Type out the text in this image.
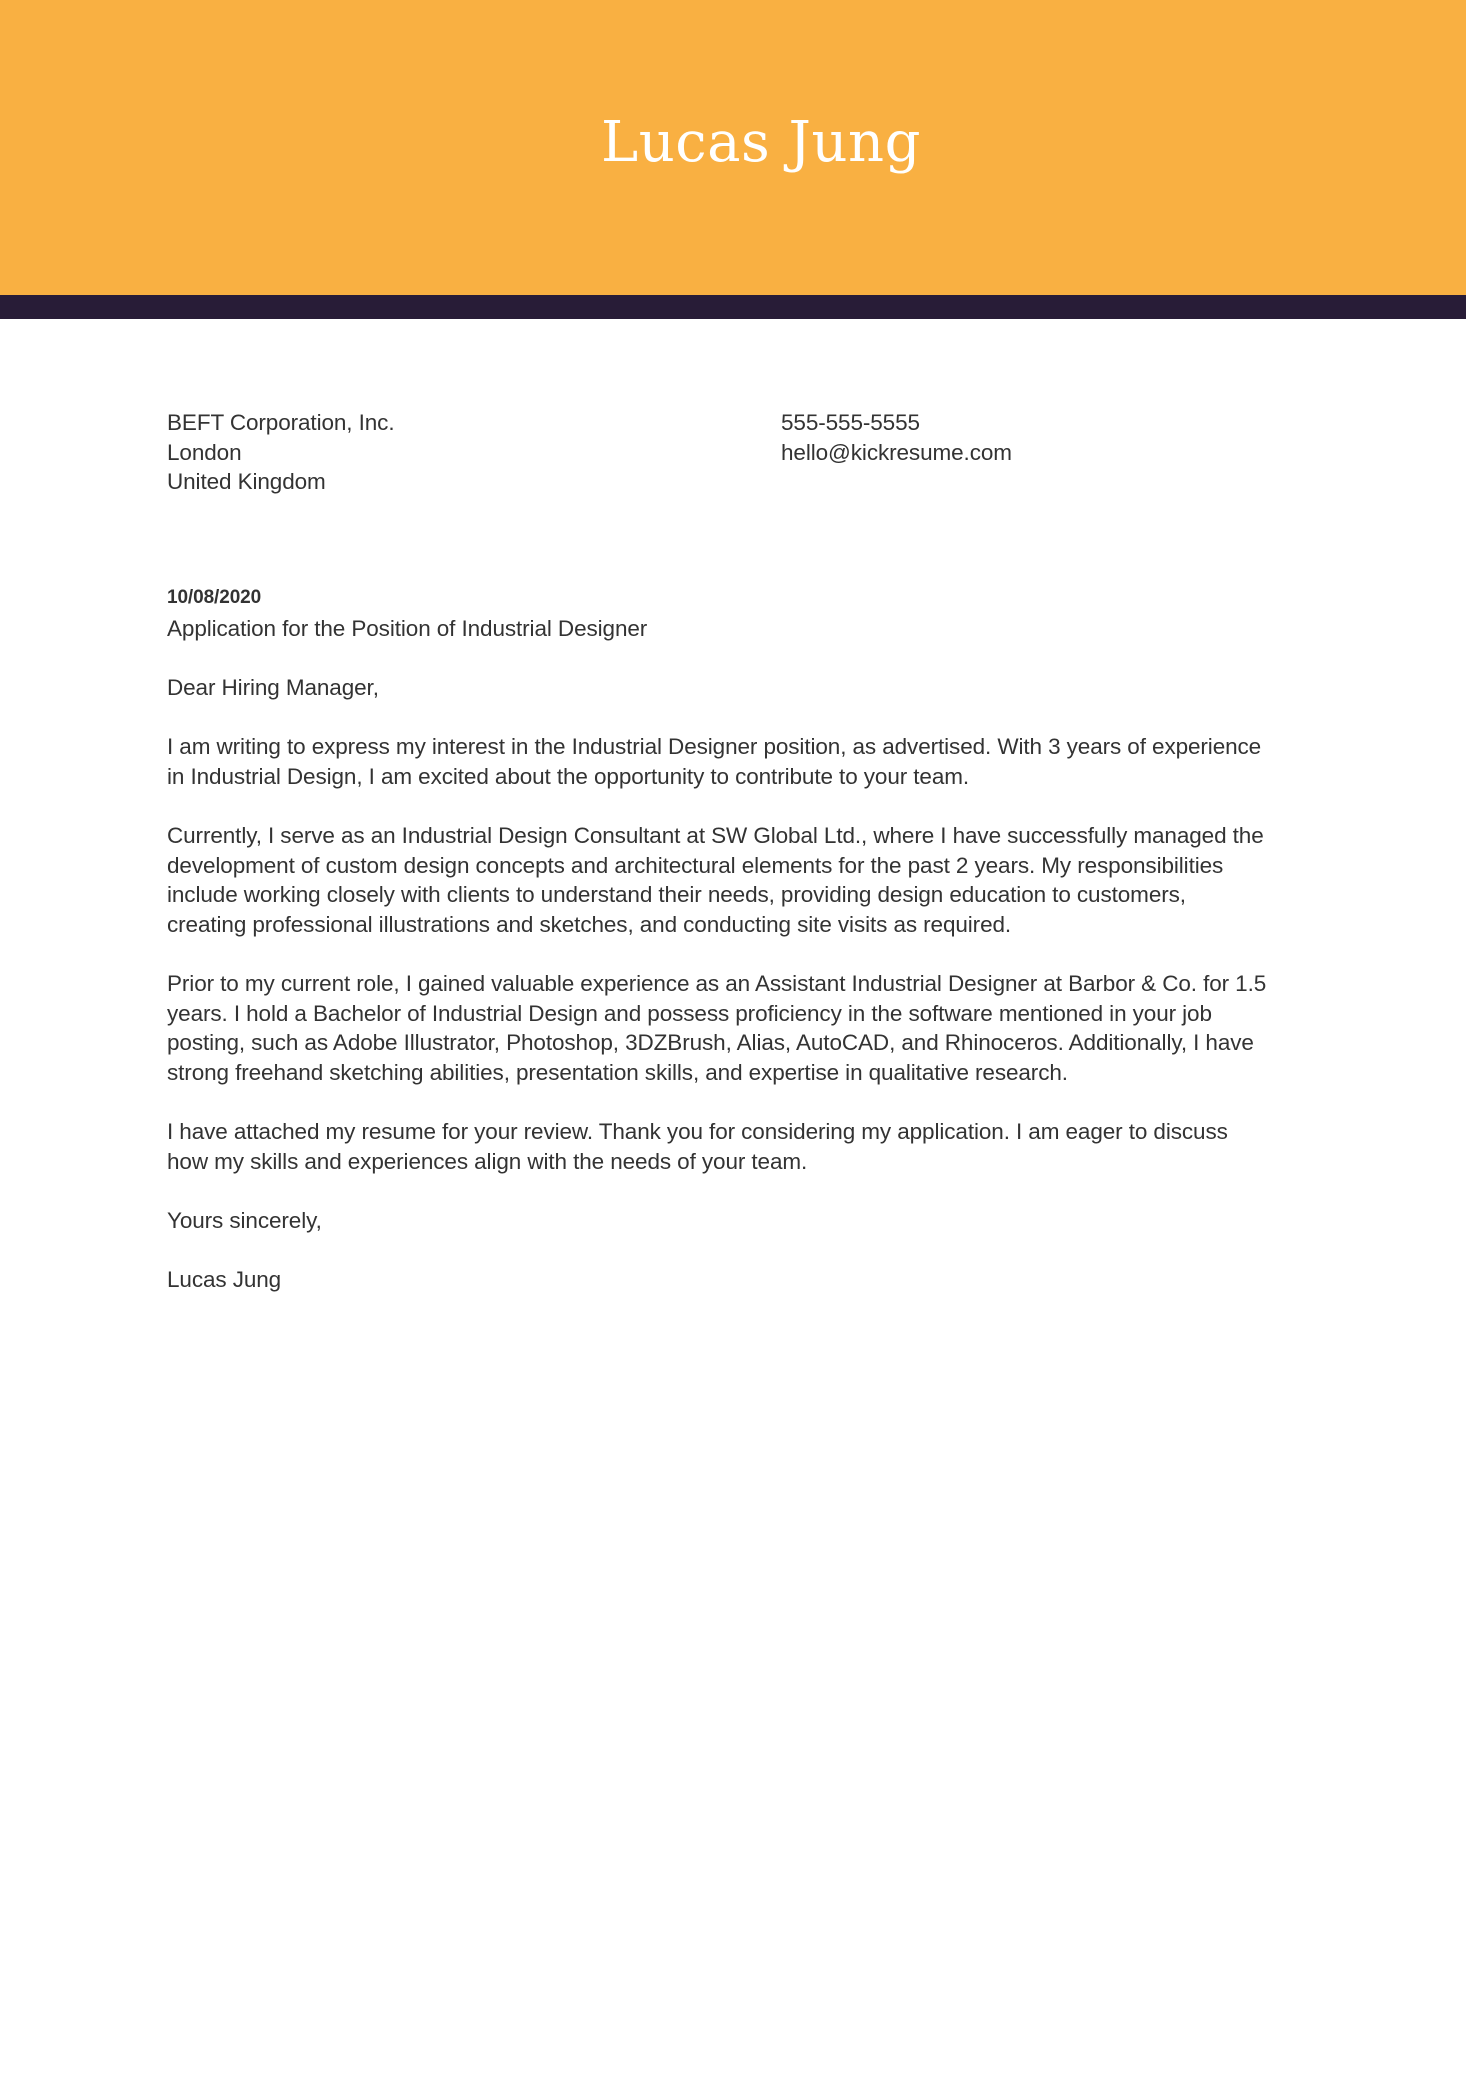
Lucas Jung
BEFT Corporation, Inc.
London
United Kingdom
555-555-5555
hello@kickresume.com
10/08/2020
Application for the Position of Industrial Designer
Dear Hiring Manager,
I am writing to express my interest in the Industrial Designer position, as advertised. With 3 years of experience
in Industrial Design, I am excited about the opportunity to contribute to your team.
Currently, I serve as an Industrial Design Consultant at SW Global Ltd., where I have successfully managed the
development of custom design concepts and architectural elements for the past 2 years. My responsibilities
include working closely with clients to understand their needs, providing design education to customers,
creating professional illustrations and sketches, and conducting site visits as required.
Prior to my current role, I gained valuable experience as an Assistant Industrial Designer at Barbor & Co. for 1.5
years. I hold a Bachelor of Industrial Design and possess proficiency in the software mentioned in your job
posting, such as Adobe Illustrator, Photoshop, 3DZBrush, Alias, AutoCAD, and Rhinoceros. Additionally, I have
strong freehand sketching abilities, presentation skills, and expertise in qualitative research.
I have attached my resume for your review. Thank you for considering my application. I am eager to discuss
how my skills and experiences align with the needs of your team.
Yours sincerely,
Lucas Jung
